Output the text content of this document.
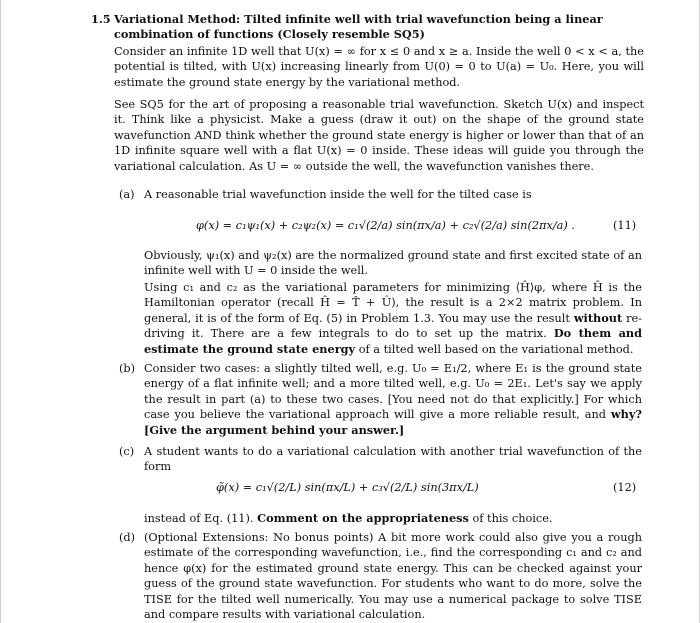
1.5 Variational Method: Tilted infinite well with trial wavefunction being a linear combination of functions (Closely resemble SQ5)
Consider an infinite 1D well that U(x) = ∞ for x ≤ 0 and x ≥ a. Inside the well 0 < x < a, the potential is tilted, with U(x) increasing linearly from U(0) = 0 to U(a) = U₀. Here, you will estimate the ground state energy by the variational method.
See SQ5 for the art of proposing a reasonable trial wavefunction. Sketch U(x) and inspect it. Think like a physicist. Make a guess (draw it out) on the shape of the ground state wavefunction AND think whether the ground state energy is higher or lower than that of an 1D infinite square well with a flat U(x) = 0 inside. These ideas will guide you through the variational calculation. As U = ∞ outside the well, the wavefunction vanishes there.
(a) A reasonable trial wavefunction inside the well for the tilted case is
φ(x) = c₁ψ₁(x) + c₂ψ₂(x) = c₁√(2/a) sin(πx/a) + c₂√(2/a) sin(2πx/a) .	(11)
Obviously, ψ₁(x) and ψ₂(x) are the normalized ground state and first excited state of an infinite well with U = 0 inside the well.
Using c₁ and c₂ as the variational parameters for minimizing ⟨Ĥ⟩φ, where Ĥ is the Hamiltonian operator (recall Ĥ = T̂ + Û), the result is a 2×2 matrix problem. In general, it is of the form of Eq. (5) in Problem 1.3. You may use the result without re-driving it. There are a few integrals to do to set up the matrix. Do them and estimate the ground state energy of a tilted well based on the variational method.
(b) Consider two cases: a slightly tilted well, e.g. U₀ = E₁/2, where E₁ is the ground state energy of a flat infinite well; and a more tilted well, e.g. U₀ = 2E₁. Let's say we apply the result in part (a) to these two cases. [You need not do that explicitly.] For which case you believe the variational approach will give a more reliable result, and why? [Give the argument behind your answer.]
(c) A student wants to do a variational calculation with another trial wavefunction of the form
φ̃(x) = c₁√(2/L) sin(πx/L) + c₃√(2/L) sin(3πx/L)	(12)
instead of Eq. (11). Comment on the appropriateness of this choice.
(d) (Optional Extensions: No bonus points) A bit more work could also give you a rough estimate of the corresponding wavefunction, i.e., find the corresponding c₁ and c₂ and hence φ(x) for the estimated ground state energy. This can be checked against your guess of the ground state wavefunction. For students who want to do more, solve the TISE for the tilted well numerically. You may use a numerical package to solve TISE and compare results with variational calculation.
